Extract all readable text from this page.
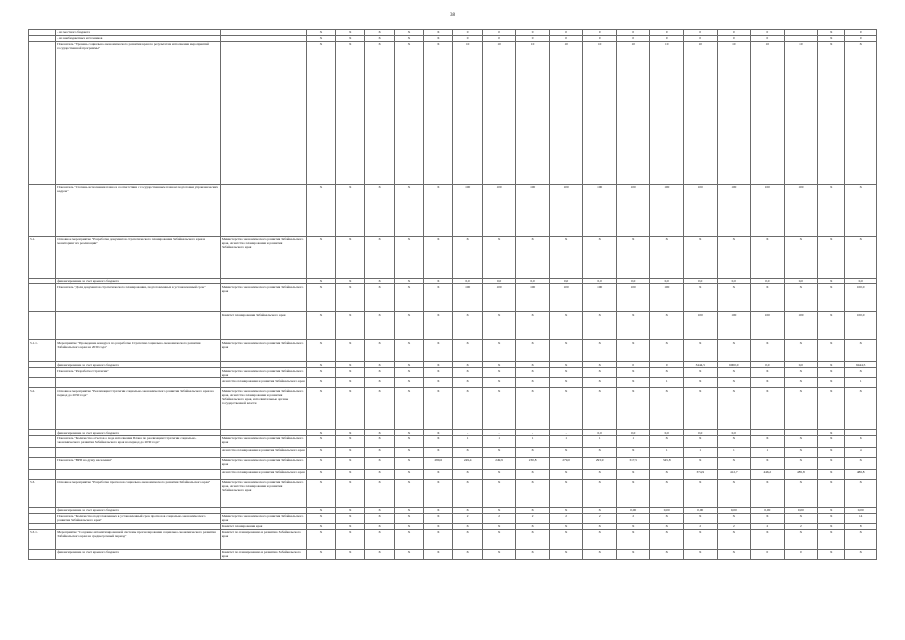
38
	- из местного бюджета		X	X	X	X	X	0	0	0	0	0	0	0	0	0	0		X	0
	- из внебюджетных источников		X	X	X	X	X	0	0	0	0	0	0	0	0	0	0		X	0
	Показатель "Уровень социально-экономического развития края по результатам исполнения мероприятий государственной программы"		X	X	X	X	X	10	10	10	10	10	10	10	10	10	10	10	X	X
	Показатель "Степень исполнения плана в соответствии с государственным планом подготовки управленческих кадров"		X	X	X	X	X	100	100	100	100	100	100	100	100	100	100	100	X	X
5.1.	Основное мероприятие "Разработка документов стратегического планирования Забайкальского края и мониторинг их реализации"	Министерство экономического развития Забайкальского края, Агентство планирования и развития Забайкальского края	X	X	X	X	X	X	X	X	X	X	X	X	X	X	X	X	X	X
	финансирование за счет краевого бюджета		X	X	X	X	X	0,0	0,0	0,0	0,0	0,0	0,0	0,0	0,0	0,0	0,0	0,0	X	0,0
	Показатель "Доля документов стратегического планирования, подготовленных в установленный срок"	Министерство экономического развития Забайкальского края	X	X	X	X	X	100	100	100	100	100	100	100	X	X	X	X	X	100,0
		Комитет планирования Забайкальского края	X	X	X	X	X	X	X	X	X	X	X	X	100	100	100	100	X	100,0
5.1.1.	Мероприятие "Проведение конкурса по разработке Стратегии социально-экономического развития Забайкальского края на 2030 года"	Министерство экономического развития Забайкальского края	X	X	X	X	X	X	X	X	X	X	X	X	X	X	X	X	X	X
	финансирование за счет краевого бюджета		X	X	X	X	X	X	X	X	X	X	0	0	3444,5	6000,0	0,0	0,0	X	9444,5
	Показатель "Разработка Стратегии"	Министерство экономического развития Забайкальского края	X	X	X	X	X	X	X	X	X	X	X	X	X	X	X	X	X	X
		Агентство планирования и развития Забайкальского края	X	X	X	X	X	X	X	X	X	X	X	1	X	X	X	X	X	1
5.2.	Основное мероприятие "Реализация Стратегии социально-экономического развития Забайкальского края на период до 2030 года"	Министерство экономического развития Забайкальского края, Агентство планирования и развития Забайкальского края, исполнительные органы государственной власти	X	X	X	X	X	X	X	X	X	X	X	X	X	X	X	X	X	X
	финансирование за счет краевого бюджета		X	X	X	X	X	-	-	-	-	0,0	0,0	0,0	0,0	0,0			X	
	Показатель "Количество отчетов о ходе исполнения Плана по реализации Стратегии социально-экономического развития Забайкальского края на период до 2030 года"	Министерство экономического развития Забайкальского края	X	X	X	X	X	1	1	1	1	1	1	X	X	X	X	X	X	6
		Агентство планирования и развития Забайкальского края	X	X	X	X	X	X	X	X	X	X	X	1	1	1	1	X	X	4
	Показатель "ВРП на душу населения"	Министерство экономического развития Забайкальского края	X	X	X	X	289,6	249,4	249,9	230,8	279,0	293,9	317,5	345,8	X	X	X	X	X	X
		Агентство планирования и развития Забайкальского края	X	X	X	X	X	X	X	X	X	X	X	X	374,9	412,7	446,2	485,8	X	486,8
5.3.	Основное мероприятие "Разработка прогнозов социально-экономического развития Забайкальского края"	Министерство экономического развития Забайкальского края, Агентство планирования и развития Забайкальского края	X	X	X	X	X	X	X	X	X	X	X	X	X	X	X	X	X	X
	финансирование за счет краевого бюджета		X	X	X	X	X	X	X	X	X	X	0,00	0,00	0,00	0,00	0,00	0,00	X	0,00
	Показатель "Количество подготовленных в установленный срок прогнозов социально-экономического развития Забайкальского края"	Министерство экономического развития Забайкальского края	X	X	X	X	X	2	2	2	2	2	2	X	X	X	X	X	X	14
		Комитет планирования края	X	X	X	X	X	X	X	X	X	X	X	X	2	2	2	2	X	8
5.3.1.	Мероприятие "Создание автоматизированной системы прогнозирования социально-экономического развития Забайкальского края на среднесрочный период"	Комитет по планированию и развитию Забайкальского края	X	X	X	X	X	X	X	X	X	X	X	X	X	X	X	X	X	X
	финансирование за счет краевого бюджета	Комитет по планированию и развитию Забайкальского края	X	X	X	X	X	X	X	X	X	X	X	X	X	X	0	0	X	X
